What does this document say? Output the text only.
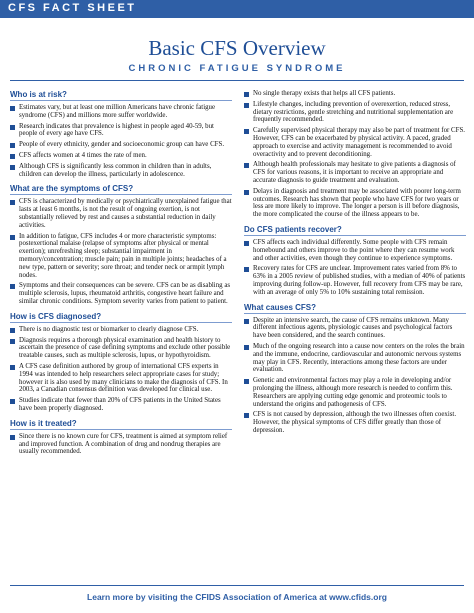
CFS FACT SHEET
Basic CFS Overview
CHRONIC FATIGUE SYNDROME
Who is at risk?
Estimates vary, but at least one million Americans have chronic fatigue syndrome (CFS) and millions more suffer worldwide.
Research indicates that prevalence is highest in people aged 40-59, but people of every age have CFS.
People of every ethnicity, gender and socioeconomic group can have CFS.
CFS affects women at 4 times the rate of men.
Although CFS is significantly less common in children than in adults, children can develop the illness, particularly in adolescence.
What are the symptoms of CFS?
CFS is characterized by medically or psychiatrically unexplained fatigue that lasts at least 6 months, is not the result of ongoing exertion, is not substantially relieved by rest and causes a substantial reduction in daily activities.
In addition to fatigue, CFS includes 4 or more characteristic symptoms: postexertional malaise (relapse of symptoms after physical or mental exertion); unrefreshing sleep; substantial impairment in memory/concentration; muscle pain; pain in multiple joints; headaches of a new type, pattern or severity; sore throat; and tender neck or armpit lymph nodes.
Symptoms and their consequences can be severe. CFS can be as disabling as multiple sclerosis, lupus, rheumatoid arthritis, congestive heart failure and similar chronic conditions. Symptom severity varies from patient to patient.
How is CFS diagnosed?
There is no diagnostic test or biomarker to clearly diagnose CFS.
Diagnosis requires a thorough physical examination and health history to ascertain the presence of case defining symptoms and exclude other possible treatable causes, such as multiple sclerosis, lupus, or hypothyroidism.
A CFS case definition authored by group of international CFS experts in 1994 was intended to help researchers select appropriate cases for study; however it is also used by many clinicians to make the diagnosis of CFS. In 2003, a Canadian consensus definition was developed for clinical use.
Studies indicate that fewer than 20% of CFS patients in the United States have been properly diagnosed.
How is it treated?
Since there is no known cure for CFS, treatment is aimed at symptom relief and improved function. A combination of drug and nondrug therapies are usually recommended.
No single therapy exists that helps all CFS patients.
Lifestyle changes, including prevention of overexertion, reduced stress, dietary restrictions, gentle stretching and nutritional supplementation are frequently recommended.
Carefully supervised physical therapy may also be part of treatment for CFS. However, CFS can be exacerbated by physical activity. A paced, graded approach to exercise and activity management is recommended to avoid overactivity and to prevent deconditioning.
Although health professionals may hesitate to give patients a diagnosis of CFS for various reasons, it is important to receive an appropriate and accurate diagnosis to guide treatment and evaluation.
Delays in diagnosis and treatment may be associated with poorer long-term outcomes. Research has shown that people who have CFS for two years or less are more likely to improve. The longer a person is ill before diagnosis, the more complicated the course of the illness appears to be.
Do CFS patients recover?
CFS affects each individual differently. Some people with CFS remain homebound and others improve to the point where they can resume work and other activities, even though they continue to experience symptoms.
Recovery rates for CFS are unclear. Improvement rates varied from 8% to 63% in a 2005 review of published studies, with a median of 40% of patients improving during follow-up. However, full recovery from CFS may be rare, with an average of only 5% to 10% sustaining total remission.
What causes CFS?
Despite an intensive search, the cause of CFS remains unknown. Many different infectious agents, physiologic causes and psychological factors have been considered, and the search continues.
Much of the ongoing research into a cause now centers on the roles the brain and the immune, endocrine, cardiovascular and autonomic nervous systems may play in CFS. Recently, interactions among these factors are under evaluation.
Genetic and environmental factors may play a role in developing and/or prolonging the illness, although more research is needed to confirm this. Researchers are applying cutting edge genomic and proteomic tools to understand the origins and pathogenesis of CFS.
CFS is not caused by depression, although the two illnesses often coexist. However, the physical symptoms of CFS differ greatly than those of depression.
Learn more by visiting the CFIDS Association of America at www.cfids.org
